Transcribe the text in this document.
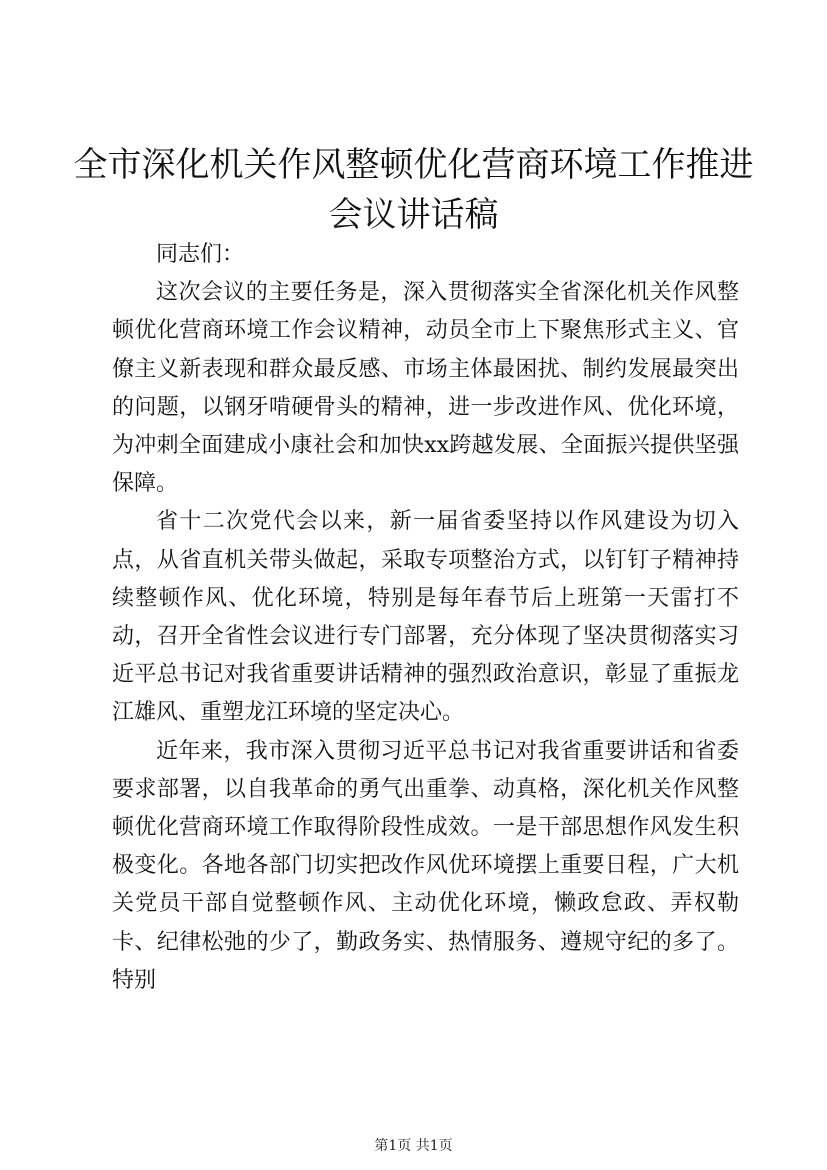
全市深化机关作风整顿优化营商环境工作推进会议讲话稿

同志们：

这次会议的主要任务是，深入贯彻落实全省深化机关作风整顿优化营商环境工作会议精神，动员全市上下聚焦形式主义、官僚主义新表现和群众最反感、市场主体最困扰、制约发展最突出的问题，以钢牙啃硬骨头的精神，进一步改进作风、优化环境，为冲刺全面建成小康社会和加快xx跨越发展、全面振兴提供坚强保障。

省十二次党代会以来，新一届省委坚持以作风建设为切入点，从省直机关带头做起，采取专项整治方式，以钉钉子精神持续整顿作风、优化环境，特别是每年春节后上班第一天雷打不动，召开全省性会议进行专门部署，充分体现了坚决贯彻落实习近平总书记对我省重要讲话精神的强烈政治意识，彰显了重振龙江雄风、重塑龙江环境的坚定决心。

近年来，我市深入贯彻习近平总书记对我省重要讲话和省委要求部署，以自我革命的勇气出重拳、动真格，深化机关作风整顿优化营商环境工作取得阶段性成效。一是干部思想作风发生积极变化。各地各部门切实把改作风优环境摆上重要日程，广大机关党员干部自觉整顿作风、主动优化环境，懒政怠政、弄权勒卡、纪律松弛的少了，勤政务实、热情服务、遵规守纪的多了。特别

第1页 共1页
